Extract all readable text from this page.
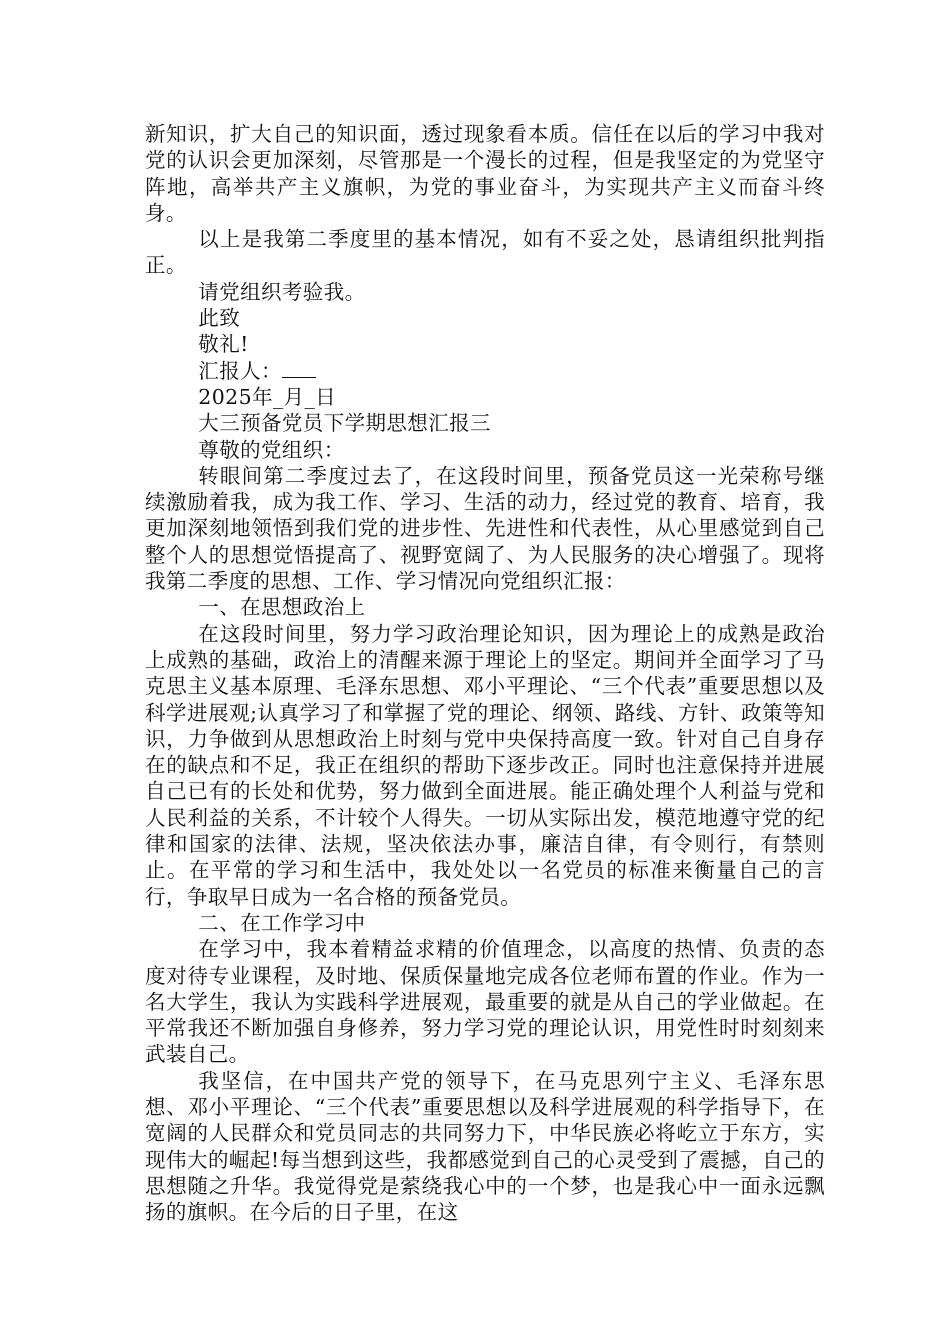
新知识，扩大自己的知识面，透过现象看本质。信任在以后的学习中我对党的认识会更加深刻，尽管那是一个漫长的过程，但是我坚定的为党坚守阵地，高举共产主义旗帜，为党的事业奋斗，为实现共产主义而奋斗终身。

以上是我第二季度里的基本情况，如有不妥之处，恳请组织批判指正。

请党组织考验我。

此致

敬礼!

汇报人：

2025年_月_日

大三预备党员下学期思想汇报三

尊敬的党组织：

转眼间第二季度过去了，在这段时间里，预备党员这一光荣称号继续激励着我，成为我工作、学习、生活的动力，经过党的教育、培育，我更加深刻地领悟到我们党的进步性、先进性和代表性，从心里感觉到自己整个人的思想觉悟提高了、视野宽阔了、为人民服务的决心增强了。现将我第二季度的思想、工作、学习情况向党组织汇报：

一、在思想政治上

在这段时间里，努力学习政治理论知识，因为理论上的成熟是政治上成熟的基础，政治上的清醒来源于理论上的坚定。期间并全面学习了马克思主义基本原理、毛泽东思想、邓小平理论、“三个代表”重要思想以及科学进展观;认真学习了和掌握了党的理论、纲领、路线、方针、政策等知识，力争做到从思想政治上时刻与党中央保持高度一致。针对自己自身存在的缺点和不足，我正在组织的帮助下逐步改正。同时也注意保持并进展自己已有的长处和优势，努力做到全面进展。能正确处理个人利益与党和人民利益的关系，不计较个人得失。一切从实际出发，模范地遵守党的纪律和国家的法律、法规，坚决依法办事，廉洁自律，有令则行，有禁则止。在平常的学习和生活中，我处处以一名党员的标准来衡量自己的言行，争取早日成为一名合格的预备党员。

二、在工作学习中

在学习中，我本着精益求精的价值理念，以高度的热情、负责的态度对待专业课程，及时地、保质保量地完成各位老师布置的作业。作为一名大学生，我认为实践科学进展观，最重要的就是从自己的学业做起。在平常我还不断加强自身修养，努力学习党的理论认识，用党性时时刻刻来武装自己。

我坚信，在中国共产党的领导下，在马克思列宁主义、毛泽东思想、邓小平理论、“三个代表”重要思想以及科学进展观的科学指导下，在宽阔的人民群众和党员同志的共同努力下，中华民族必将屹立于东方，实现伟大的崛起!每当想到这些，我都感觉到自己的心灵受到了震撼，自己的思想随之升华。我觉得党是萦绕我心中的一个梦，也是我心中一面永远飘扬的旗帜。在今后的日子里，在这
